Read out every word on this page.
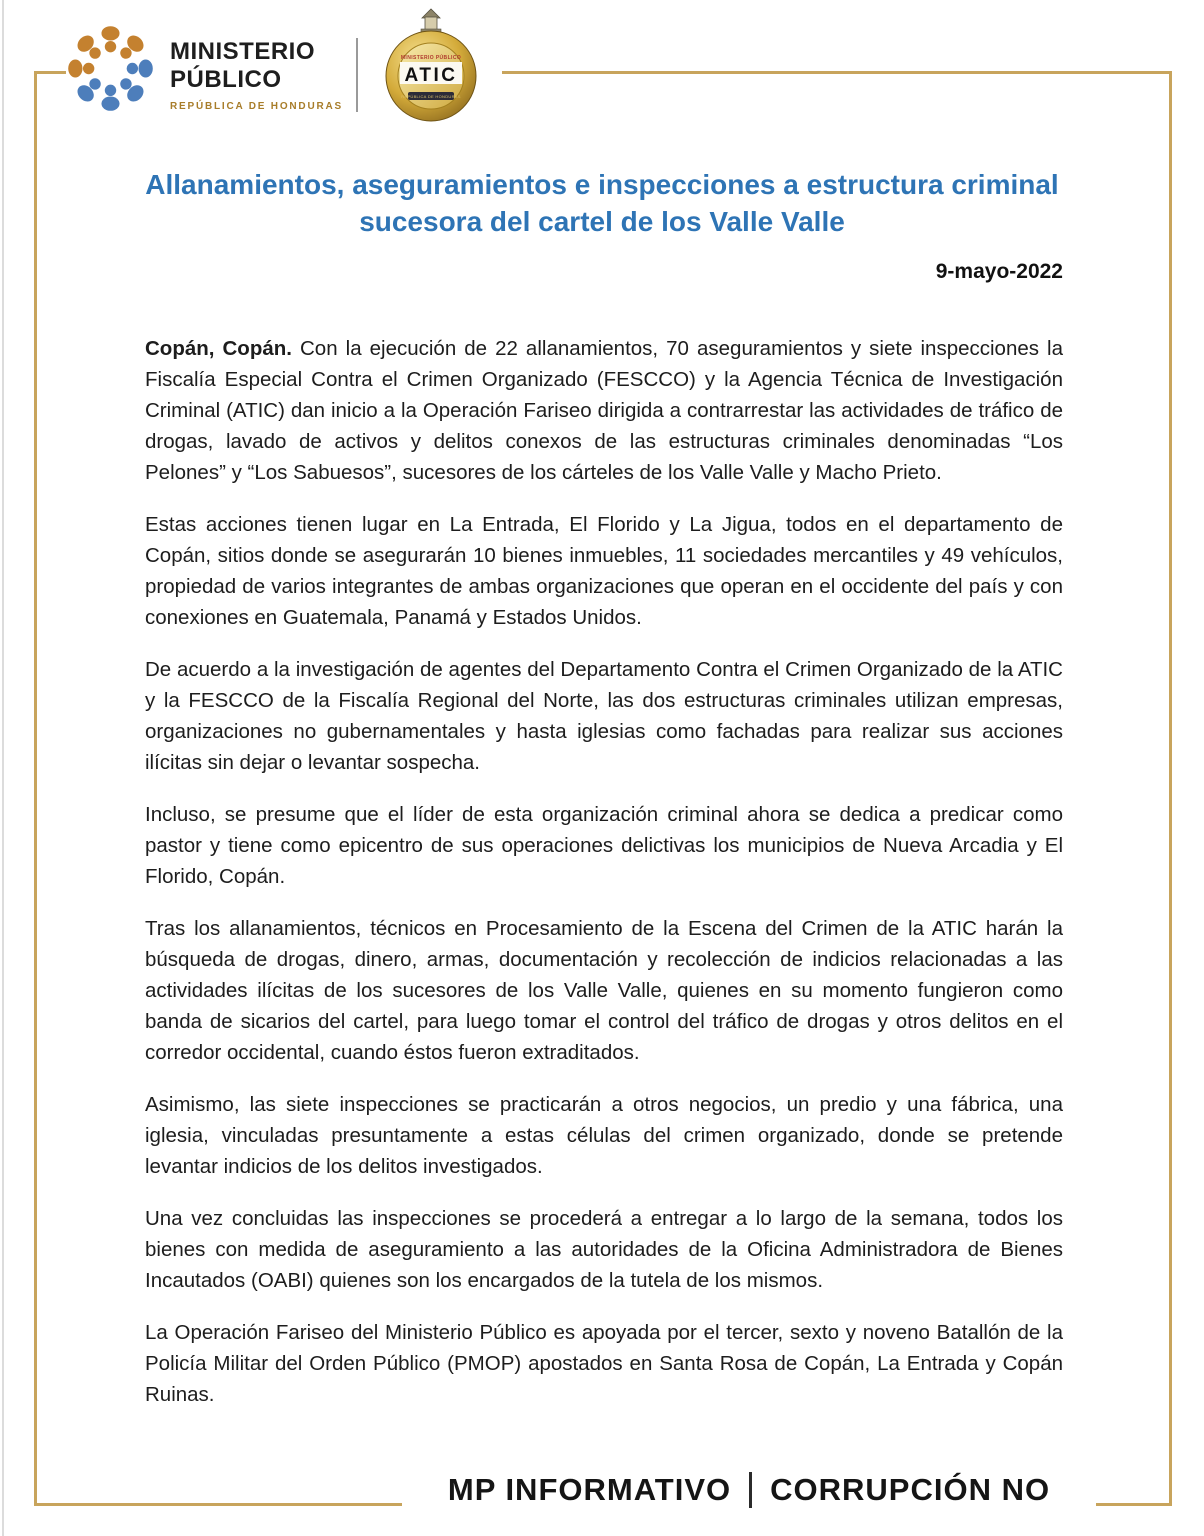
MINISTERIO
PÚBLICO
REPÚBLICA DE HONDURAS
MINISTERIO PÚBLICO
ATIC
REPÚBLICA DE HONDURAS
Allanamientos, aseguramientos e inspecciones a estructura criminal
sucesora del cartel de los Valle Valle
9-mayo-2022

Copán, Copán. Con la ejecución de 22 allanamientos, 70 aseguramientos y siete inspecciones la Fiscalía Especial Contra el Crimen Organizado (FESCCO) y la Agencia Técnica de Investigación Criminal (ATIC) dan inicio a la Operación Fariseo dirigida a contrarrestar las actividades de tráfico de drogas, lavado de activos y delitos conexos de las estructuras criminales denominadas “Los Pelones” y “Los Sabuesos”, sucesores de los cárteles de los Valle Valle y Macho Prieto.

Estas acciones tienen lugar en La Entrada, El Florido y La Jigua, todos en el departamento de Copán, sitios donde se asegurarán 10 bienes inmuebles, 11 sociedades mercantiles y 49 vehículos, propiedad de varios integrantes de ambas organizaciones que operan en el occidente del país y con conexiones en Guatemala, Panamá y Estados Unidos.

De acuerdo a la investigación de agentes del Departamento Contra el Crimen Organizado de la ATIC y la FESCCO de la Fiscalía Regional del Norte, las dos estructuras criminales utilizan empresas, organizaciones no gubernamentales y hasta iglesias como fachadas para realizar sus acciones ilícitas sin dejar o levantar sospecha.

Incluso, se presume que el líder de esta organización criminal ahora se dedica a predicar como pastor y tiene como epicentro de sus operaciones delictivas los municipios de Nueva Arcadia y El Florido, Copán.

Tras los allanamientos, técnicos en Procesamiento de la Escena del Crimen de la ATIC harán la búsqueda de drogas, dinero, armas, documentación y recolección de indicios relacionadas a las actividades ilícitas de los sucesores de los Valle Valle, quienes en su momento fungieron como banda de sicarios del cartel, para luego tomar el control del tráfico de drogas y otros delitos en el corredor occidental, cuando éstos fueron extraditados.

Asimismo, las siete inspecciones se practicarán a otros negocios, un predio y una fábrica, una iglesia, vinculadas presuntamente a estas células del crimen organizado, donde se pretende levantar indicios de los delitos investigados.

Una vez concluidas las inspecciones se procederá a entregar a lo largo de la semana, todos los bienes con medida de aseguramiento a las autoridades de la Oficina Administradora de Bienes Incautados (OABI) quienes son los encargados de la tutela de los mismos.

La Operación Fariseo del Ministerio Público es apoyada por el tercer, sexto y noveno Batallón de la Policía Militar del Orden Público (PMOP) apostados en Santa Rosa de Copán, La Entrada y Copán Ruinas.

MP INFORMATIVO CORRUPCIÓN NO
